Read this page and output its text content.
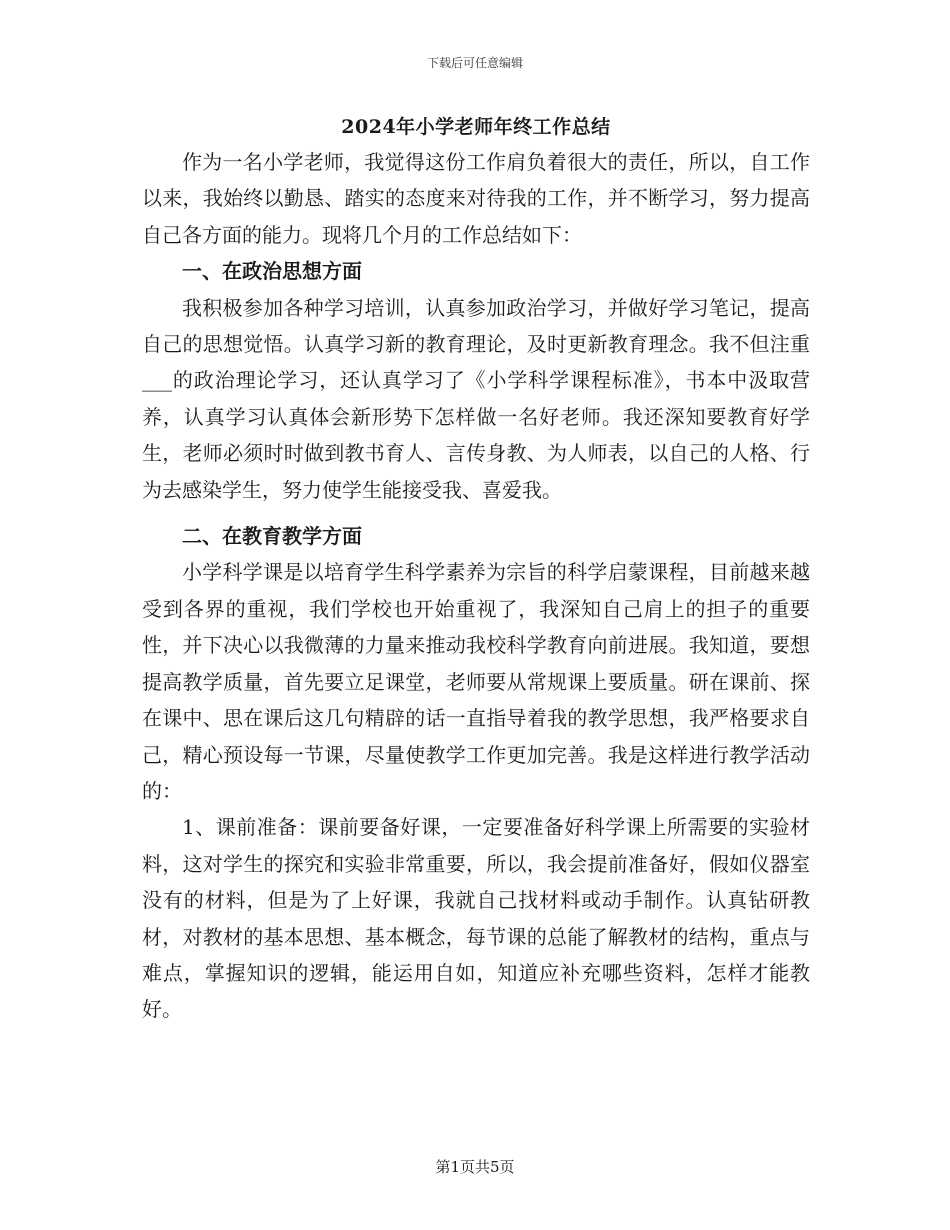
下载后可任意编辑
2024年小学老师年终工作总结

作为一名小学老师，我觉得这份工作肩负着很大的责任，所以，自工作以来，我始终以勤恳、踏实的态度来对待我的工作，并不断学习，努力提高自己各方面的能力。现将几个月的工作总结如下：

一、在政治思想方面

我积极参加各种学习培训，认真参加政治学习，并做好学习笔记，提高自己的思想觉悟。认真学习新的教育理论，及时更新教育理念。我不但注重___的政治理论学习，还认真学习了《小学科学课程标准》，书本中汲取营养，认真学习认真体会新形势下怎样做一名好老师。我还深知要教育好学生，老师必须时时做到教书育人、言传身教、为人师表，以自己的人格、行为去感染学生，努力使学生能接受我、喜爱我。

二、在教育教学方面

小学科学课是以培育学生科学素养为宗旨的科学启蒙课程，目前越来越受到各界的重视，我们学校也开始重视了，我深知自己肩上的担子的重要性，并下决心以我微薄的力量来推动我校科学教育向前进展。我知道，要想提高教学质量，首先要立足课堂，老师要从常规课上要质量。研在课前、探在课中、思在课后这几句精辟的话一直指导着我的教学思想，我严格要求自己，精心预设每一节课，尽量使教学工作更加完善。我是这样进行教学活动的：

1、课前准备：课前要备好课，一定要准备好科学课上所需要的实验材料，这对学生的探究和实验非常重要，所以，我会提前准备好，假如仪器室没有的材料，但是为了上好课，我就自己找材料或动手制作。认真钻研教材，对教材的基本思想、基本概念，每节课的总能了解教材的结构，重点与难点，掌握知识的逻辑，能运用自如，知道应补充哪些资料，怎样才能教好。

第1页共5页
